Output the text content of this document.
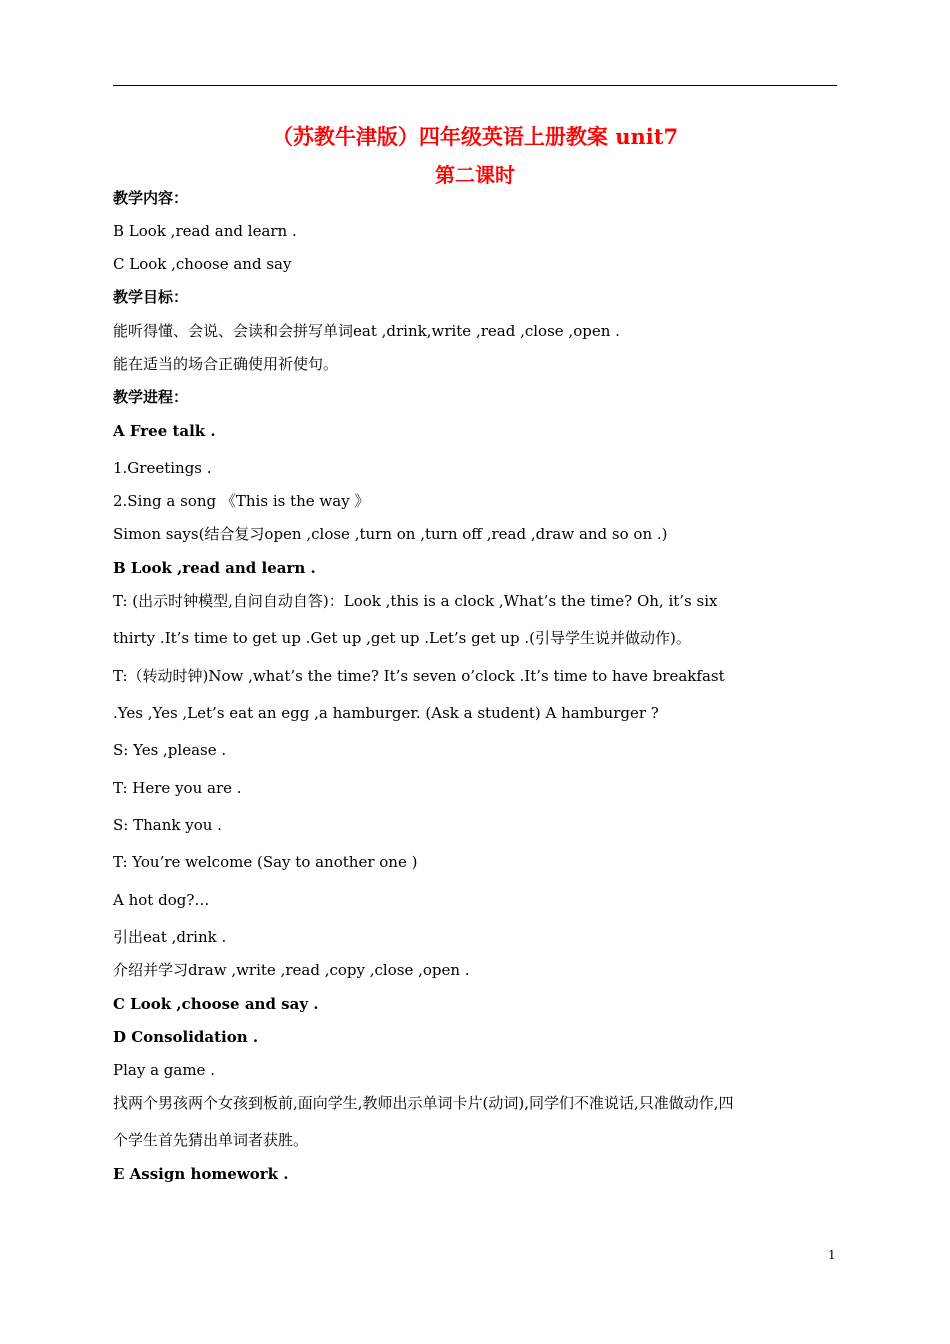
（苏教牛津版）四年级英语上册教案 unit7
第二课时
教学内容：
B Look ,read and learn .
C Look ,choose and say
教学目标：
能听得懂、会说、会读和会拼写单词eat ,drink,write ,read ,close ,open .
能在适当的场合正确使用祈使句。
教学进程：
A Free talk .
1.Greetings .
2.Sing a song 《This is the way 》
Simon says(结合复习open ,close ,turn on ,turn off ,read ,draw and so on .)
B Look ,read and learn .
T: (出示时钟模型,自问自动自答)：Look ,this is a clock ,What’s the time? Oh, it’s six
thirty .It’s time to get up .Get up ,get up .Let’s get up .(引导学生说并做动作)。
T:（转动时钟)Now ,what’s the time? It’s seven o’clock .It’s time to have breakfast
.Yes ,Yes ,Let’s eat an egg ,a hamburger. (Ask a student) A hamburger ?
S: Yes ,please .
T: Here you are .
S: Thank you .
T: You’re welcome (Say to another one )
A hot dog?…
引出eat ,drink .
介绍并学习draw ,write ,read ,copy ,close ,open .
C Look ,choose and say .
D Consolidation .
Play a game .
找两个男孩两个女孩到板前,面向学生,教师出示单词卡片(动词),同学们不准说话,只准做动作,四
个学生首先猜出单词者获胜。
E Assign homework .
1
